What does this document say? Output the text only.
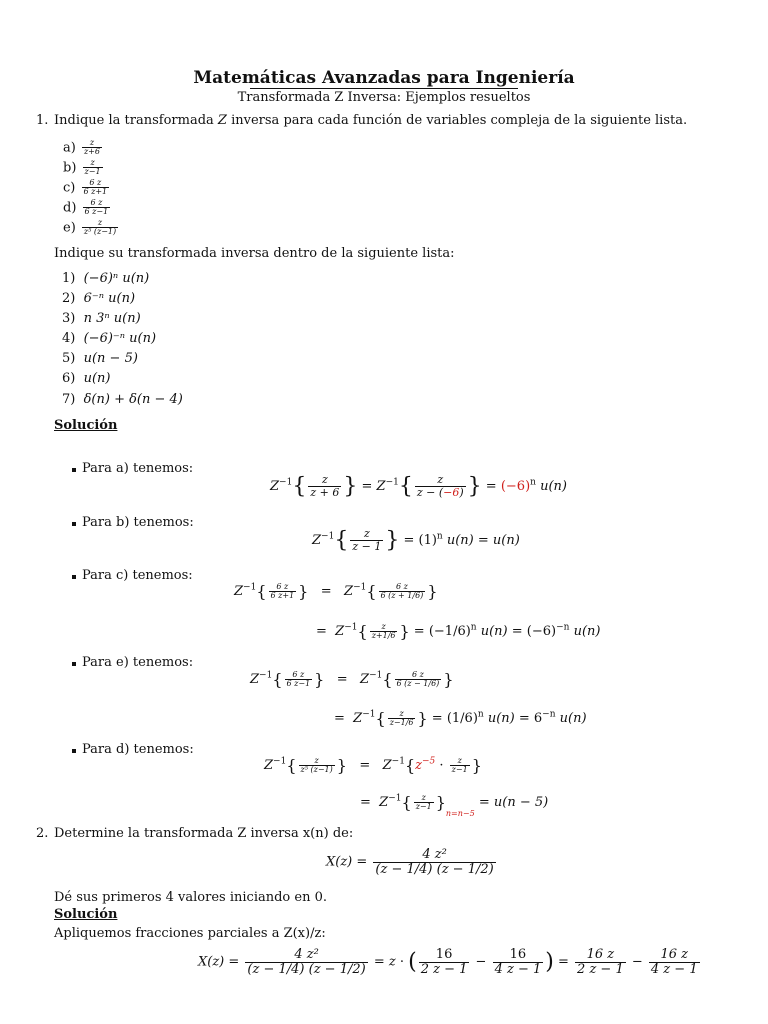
Matemáticas Avanzadas para Ingeniería
Transformada Z Inversa: Ejemplos resueltos
1. Indique la transformada Z inversa para cada función de variables compleja de la siguiente lista.
$a) \frac{z}{z+6}$
$b) \frac{z}{z-1}$
$c) \frac{6 z}{6 z+1}$
$d) \frac{6 z}{6 z-1}$
$e) \frac{z}{\text{z⁵ (z−1)}}$
Indique su transformada inversa dentro de la siguiente lista:
1) (−6)ⁿ u(n)
2) 6⁻ⁿ u(n)
3) n 3ⁿ u(n)
4) (−6)⁻ⁿ u(n)
5) u(n − 5)
6) u(n)
7) δ(n) + δ(n − 4)
Solución
Para a) tenemos:
$Z^{-1}\{ \frac{z}{z + 6}$ } = $Z^{-1}\{ \frac{z}{z - (-6)}$ } = $(-6)^n$ u(n)
Para b) tenemos:
$Z^{-1}\{ \frac{z}{z - 1}$ } = $(1)^n$ u(n) = u(n)
Para c) tenemos:
$Z^{-1}\{ \frac{6 z}{6 z+1}$ }   =   $Z^{-1}\{ \frac{6 z}{6 (z + 1/6)}$ }
=  $Z^{-1}\{ \frac{z}{z+1/6}$ } = $(-1/6)^n$ $u(n) = (-6)^{-n}$ u(n)
Para e) tenemos:
$Z^{-1}\{ \frac{6 z}{6 z-1}$ }   =   $Z^{-1}\{ \frac{6 z}{6 (z - 1/6)}$ }
=  $Z^{-1}\{ \frac{z}{z-1/6}$ } = $(1/6)^n$ $u(n) = 6^{-n}$ u(n)
Para d) tenemos:
$Z^{-1}\{ \frac{z}{\text{z⁵ (z−1)}}$ }   =   $Z^{-1}\{z^{-5} \cdot \frac{z}{z-1}$ }
=  $Z^{-1}\{ \frac{z}{z-1} \}_{n=n-5} = u(n - 5)$
2. Determine la transformada Z inversa x(n) de:
$X(z) = \frac{\text{4 z²}}{(z - 1/4) (z - 1/2)}$
Dé sus primeros 4 valores iniciando en 0.
Solución
Apliquemos fracciones parciales a Z(x)/z:
$X(z) = \frac{\text{4 z²}}{(z - 1/4) (z - 1/2)} = z$ · ( $\frac{16}{2 z - 1} - \frac{16}{4 z - 1}$ ) = $\frac{16 z}{2 z - 1} - \frac{16 z}{4 z - 1}$
